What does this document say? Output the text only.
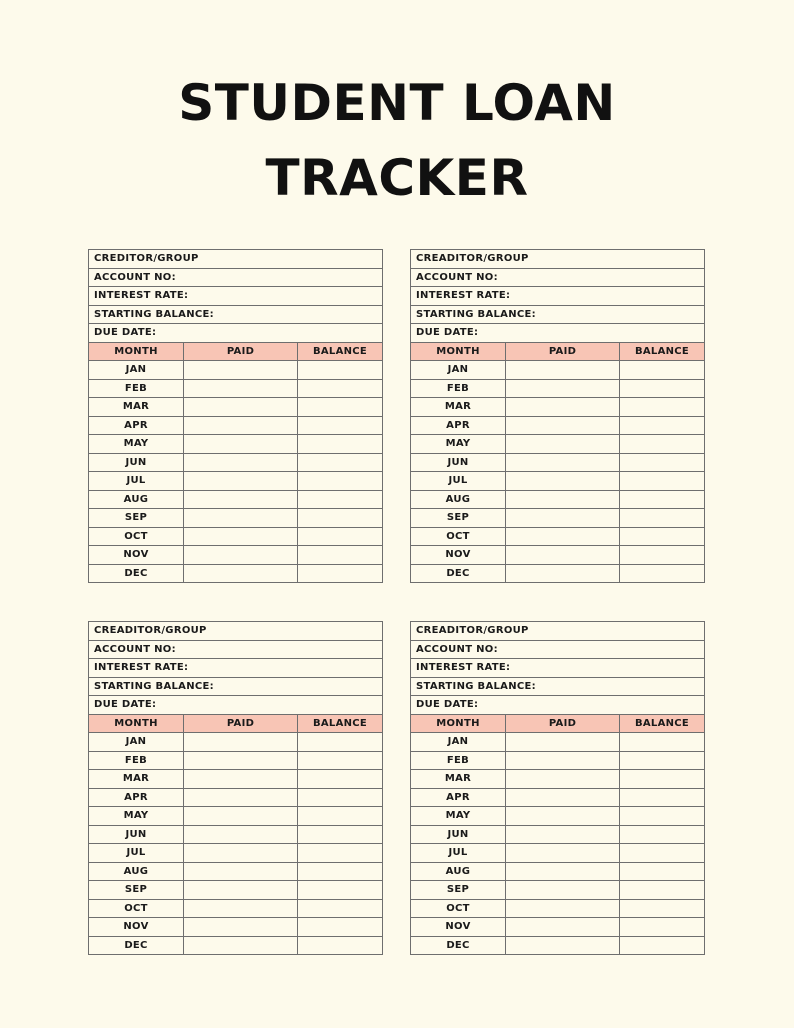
STUDENT LOAN
TRACKER
CREDITOR/GROUP		
ACCOUNT NO:		
INTEREST RATE:		
STARTING BALANCE:		
DUE DATE:		
MONTH	PAID	BALANCE
JAN		
FEB		
MAR		
APR		
MAY		
JUN		
JUL		
AUG		
SEP		
OCT		
NOV		
DEC		
CREADITOR/GROUP		
ACCOUNT NO:		
INTEREST RATE:		
STARTING BALANCE:		
DUE DATE:		
MONTH	PAID	BALANCE
JAN		
FEB		
MAR		
APR		
MAY		
JUN		
JUL		
AUG		
SEP		
OCT		
NOV		
DEC		
CREADITOR/GROUP		
ACCOUNT NO:		
INTEREST RATE:		
STARTING BALANCE:		
DUE DATE:		
MONTH	PAID	BALANCE
JAN		
FEB		
MAR		
APR		
MAY		
JUN		
JUL		
AUG		
SEP		
OCT		
NOV		
DEC		
CREADITOR/GROUP		
ACCOUNT NO:		
INTEREST RATE:		
STARTING BALANCE:		
DUE DATE:		
MONTH	PAID	BALANCE
JAN		
FEB		
MAR		
APR		
MAY		
JUN		
JUL		
AUG		
SEP		
OCT		
NOV		
DEC		
